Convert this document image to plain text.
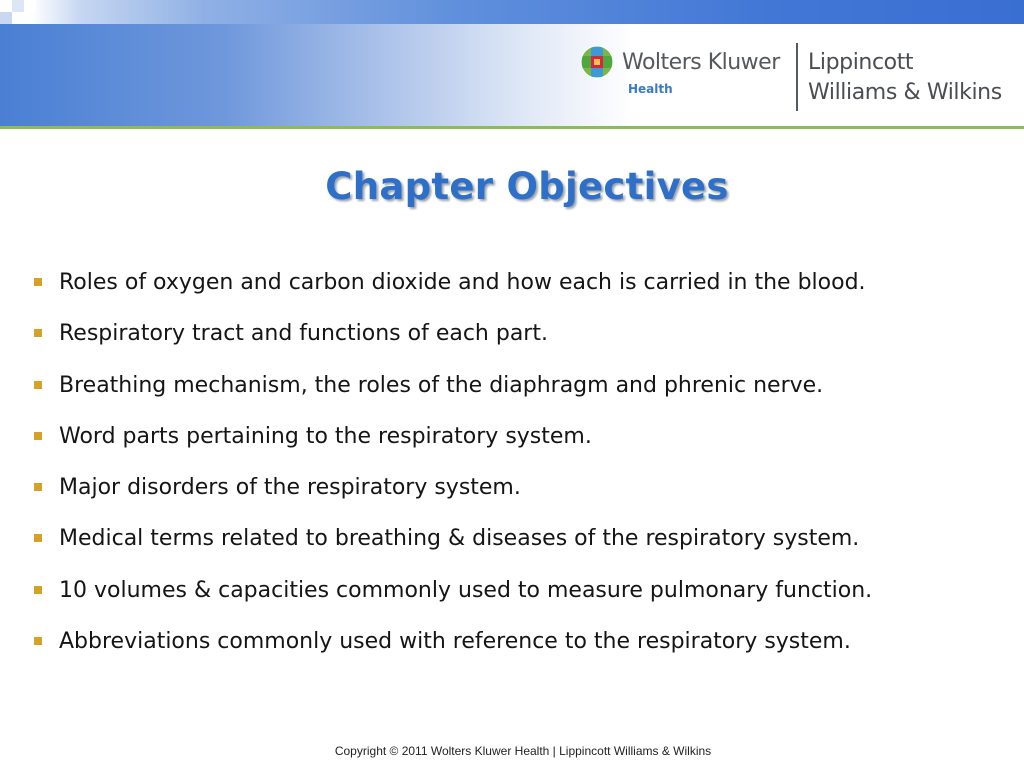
Wolters Kluwer
Health
Lippincott
Williams & Wilkins
Chapter Objectives
Roles of oxygen and carbon dioxide and how each is carried in the blood.
Respiratory tract and functions of each part.
Breathing mechanism, the roles of the diaphragm and phrenic nerve.
Word parts pertaining to the respiratory system.
Major disorders of the respiratory system.
Medical terms related to breathing & diseases of the respiratory system.
10 volumes & capacities commonly used to measure pulmonary function.
Abbreviations commonly used with reference to the respiratory system.
Copyright © 2011 Wolters Kluwer Health | Lippincott Williams & Wilkins
